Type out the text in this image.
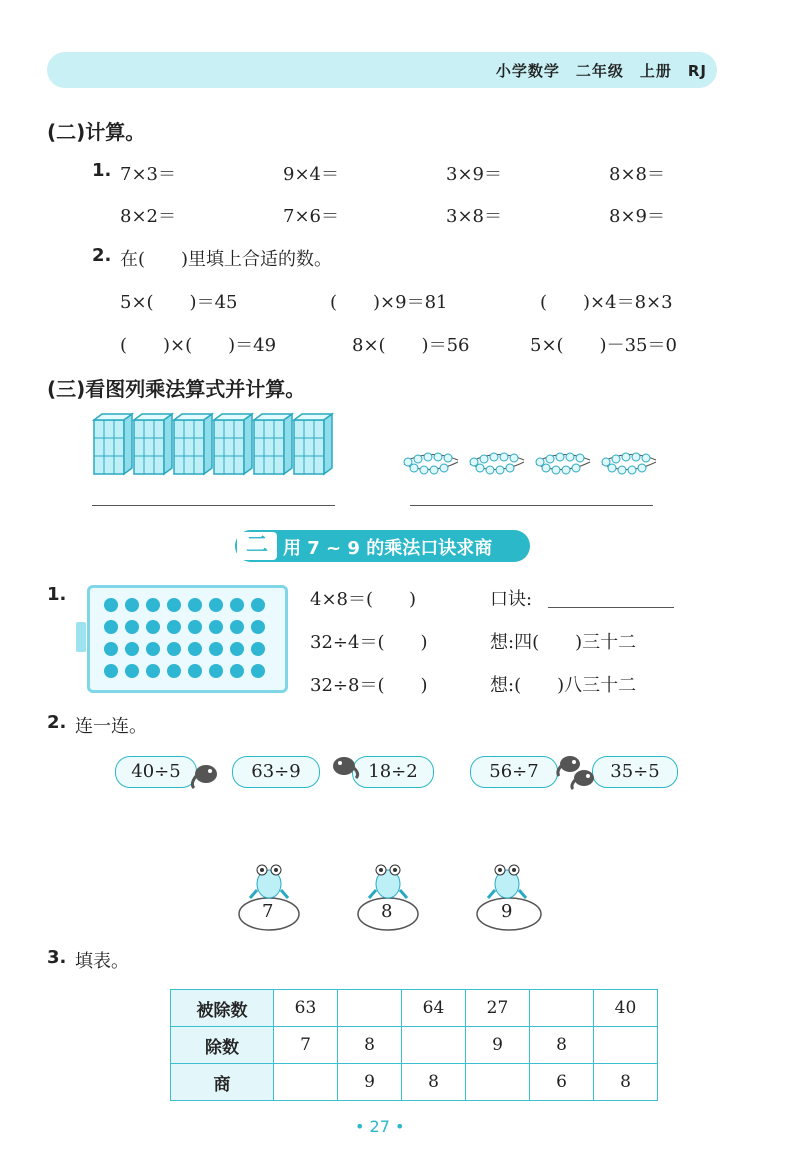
小学数学　二年级　上册　RJ
(二)计算。
1. 7×3＝	9×4＝	3×9＝	8×8＝
8×2＝	7×6＝	3×8＝	8×9＝
2. 在(　　)里填上合适的数。
5×(　　)＝45	(　　)×9＝81	(　　)×4＝8×3
(　　)×(　　)＝49	8×(　　)＝56	5×(　　)－35＝0
(三)看图列乘法算式并计算。
二 用 7 ~ 9 的乘法口诀求商
1.	4×8＝(　　)
32÷4＝(　　)
32÷8＝(　　)
口诀:
想:四(　　)三十二
想:(　　)八三十二
2. 连一连。
40÷5	63÷9	18÷2	56÷7	35÷5
7	8	9
3. 填表。
被除数	63		64	27		40
除数	7	8		9	8	
商		9	8		6	8
• 27 •
